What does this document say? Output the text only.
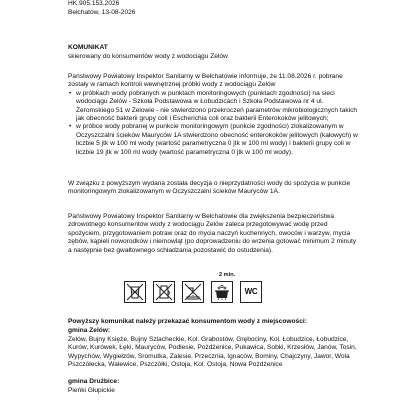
HK.905.153.2026

Bełchatów, 13-08-2026

KOMUNIKAT

skierowany do konsumentów wody z wodociągu Zelów

Państwowy Powiatowy Inspektor Sanitarny w Bełchatowie informuje, że 11.08.2026 r. pobrane zostały w ramach kontroli wewnętrznej próbki wody z wodociągu Zelów

• w próbkach wody pobranych w punktach monitoringowych (punktach zgodności) na sieci wodociągu Zelów - Szkoła Podstawowa w Łobudzicach i Szkoła Podstawowa nr 4 ul. Żeromskiego 51 w Zelowie - nie stwierdzono przekroczeń parametrów mikrobiologicznych takich jak obecność bakterii grupy coli i Escherichia coli oraz bakterii Enterokoków jelitowych;
• w próbce wody pobranej w punkcie monitoringowym (punkcie zgodności) zlokalizowanym w Oczyszczalni ścieków Mauryców 1A stwierdzono obecność enterokoków jelitowych (kałowych) w liczbie 5 jtk w 100 ml wody (wartość parametryczna 0 jtk w 100 ml wody) i bakterii grupy coli w liczbie 19 jtk w 100 ml wody (wartość parametryczna 0 jtk w 100 ml wody).

W związku z powyższym wydana została decyzja o nieprzydatności wody do spożycia w punkcie monitoringowym zlokalizowanym w Oczyszczalni ścieków Mauryców 1A.

Państwowy Powiatowy Inspektor Sanitarny w Bełchatowie dla zwiększenia bezpieczeństwa zdrowotnego konsumentów wody z wodociągu Zelów zaleca przegotowywać wodę przed spożyciem, przygotowaniem potraw oraz do mycia naczyń kuchennych, owoców i warzyw, mycia zębów, kąpieli noworodków i niemowląt (po doprowadzeniu do wrzenia gotować minimum 2 minuty a następnie bez gwałtownego schładzania pozostawić do ostudzenia).

2 min.
WC

Powyższy komunikat należy przekazać konsumentom wody z miejscowości:

gmina Zelów:

Zelów, Bujny Księże, Bujny Szlacheckie, Kol. Grabostów, Grębociny, Kol. Łobudzice, Łobudzice, Kurów, Kurówek, Łęki, Mauryców, Podlesie, Pożdżenice, Pukawica, Sobki, Krzesłów, Janów, Tosin, Wypychów, Wygiełzów, Sromutka, Zalesie, Przecznia, Ignaców, Bominy, Chajczyny, Jawor, Wola Pszczółecka, Walewice, Pszczółki, Ostoja, Kol. Ostoja, Nowa Pożdżenice

gmina Drużbice:

Pieńki Głupickie
